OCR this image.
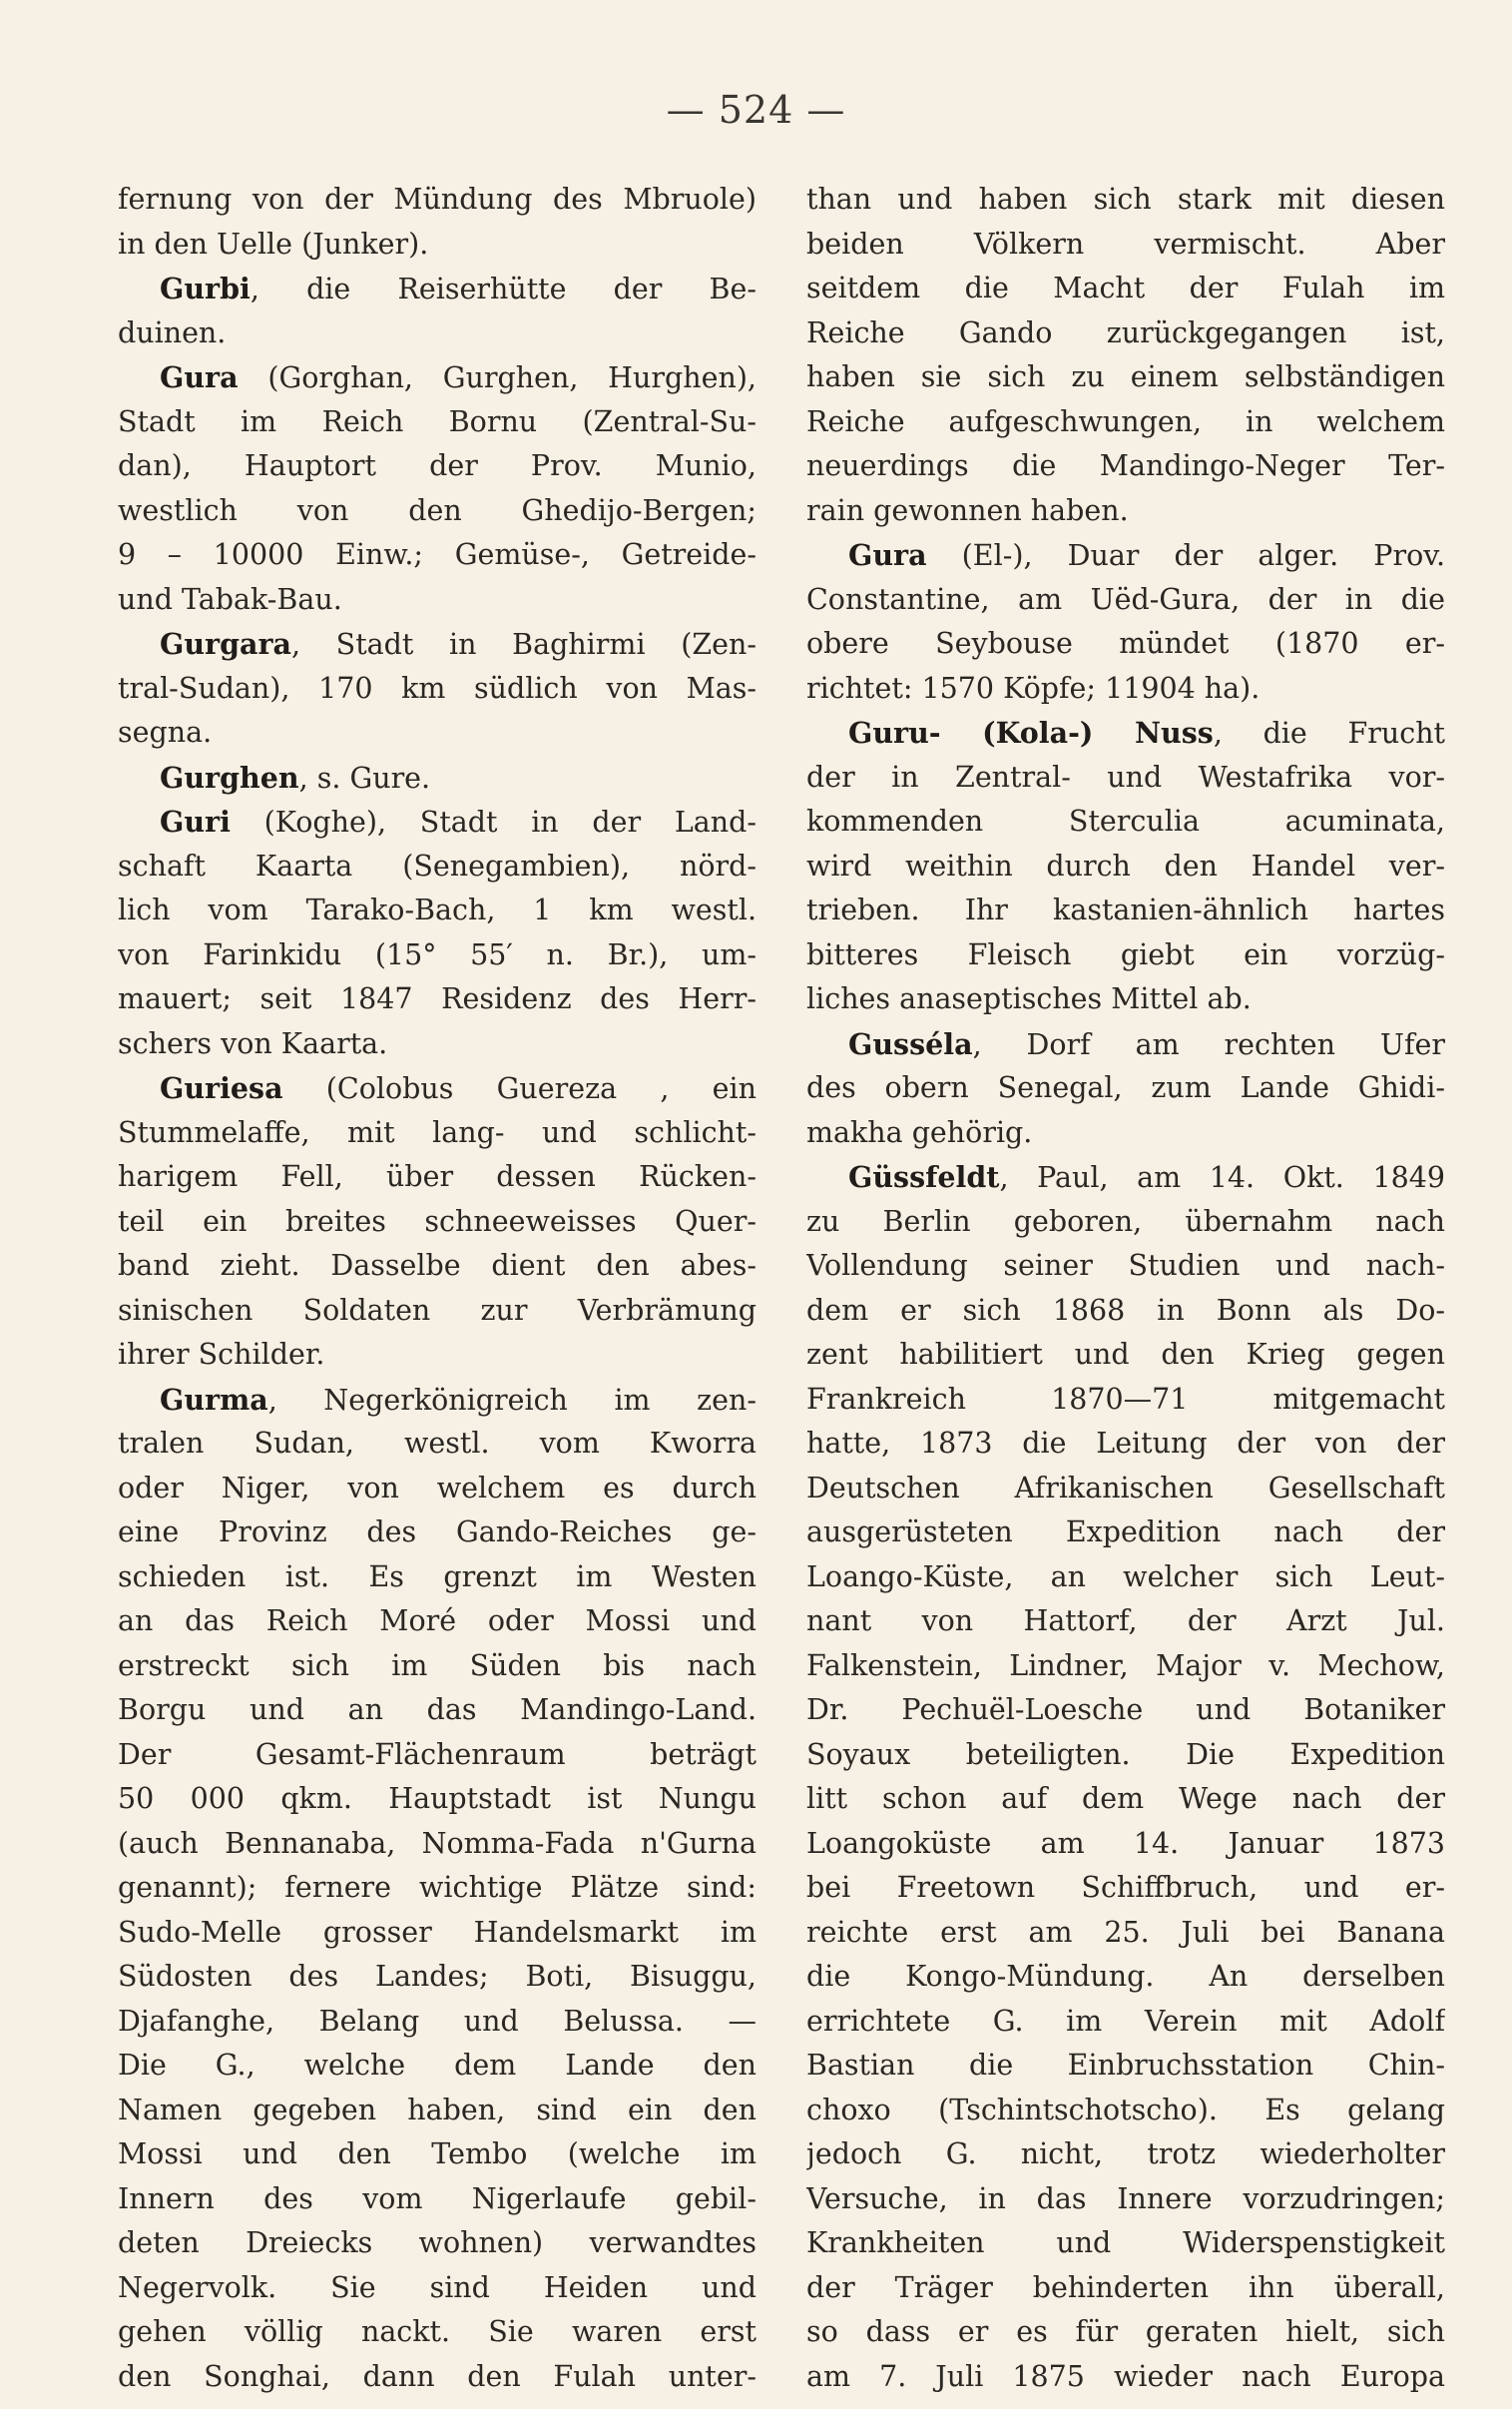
— 524 —
fernung von der Mündung des Mbruole)
in den Uelle (Junker).
Gurbi, die Reiserhütte der Be-
duinen.
Gura (Gorghan, Gurghen, Hurghen),
Stadt im Reich Bornu (Zentral-Su-
dan), Hauptort der Prov. Munio,
westlich von den Ghedijo-Bergen;
9 – 10000 Einw.; Gemüse-, Getreide-
und Tabak-Bau.
Gurgara, Stadt in Baghirmi (Zen-
tral-Sudan), 170 km südlich von Mas-
segna.
Gurghen, s. Gure.
Guri (Koghe), Stadt in der Land-
schaft Kaarta (Senegambien), nörd-
lich vom Tarako-Bach, 1 km westl.
von Farinkidu (15° 55′ n. Br.), um-
mauert; seit 1847 Residenz des Herr-
schers von Kaarta.
Guriesa (Colobus Guereza , ein
Stummelaffe, mit lang- und schlicht-
harigem Fell, über dessen Rücken-
teil ein breites schneeweisses Quer-
band zieht. Dasselbe dient den abes-
sinischen Soldaten zur Verbrämung
ihrer Schilder.
Gurma, Negerkönigreich im zen-
tralen Sudan, westl. vom Kworra
oder Niger, von welchem es durch
eine Provinz des Gando-Reiches ge-
schieden ist. Es grenzt im Westen
an das Reich Moré oder Mossi und
erstreckt sich im Süden bis nach
Borgu und an das Mandingo-Land.
Der Gesamt-Flächenraum beträgt
50 000 qkm. Hauptstadt ist Nungu
(auch Bennanaba, Nomma-Fada n'Gurna
genannt); fernere wichtige Plätze sind:
Sudo-Melle grosser Handelsmarkt im
Südosten des Landes; Boti, Bisuggu,
Djafanghe, Belang und Belussa. —
Die G., welche dem Lande den
Namen gegeben haben, sind ein den
Mossi und den Tembo (welche im
Innern des vom Nigerlaufe gebil-
deten Dreiecks wohnen) verwandtes
Negervolk. Sie sind Heiden und
gehen völlig nackt. Sie waren erst
den Songhai, dann den Fulah unter-
than und haben sich stark mit diesen
beiden Völkern vermischt. Aber
seitdem die Macht der Fulah im
Reiche Gando zurückgegangen ist,
haben sie sich zu einem selbständigen
Reiche aufgeschwungen, in welchem
neuerdings die Mandingo-Neger Ter-
rain gewonnen haben.
Gura (El-), Duar der alger. Prov.
Constantine, am Uëd-Gura, der in die
obere Seybouse mündet (1870 er-
richtet: 1570 Köpfe; 11904 ha).
Guru- (Kola-) Nuss, die Frucht
der in Zentral- und Westafrika vor-
kommenden Sterculia acuminata,
wird weithin durch den Handel ver-
trieben. Ihr kastanien-ähnlich hartes
bitteres Fleisch giebt ein vorzüg-
liches anaseptisches Mittel ab.
Gusséla, Dorf am rechten Ufer
des obern Senegal, zum Lande Ghidi-
makha gehörig.
Güssfeldt, Paul, am 14. Okt. 1849
zu Berlin geboren, übernahm nach
Vollendung seiner Studien und nach-
dem er sich 1868 in Bonn als Do-
zent habilitiert und den Krieg gegen
Frankreich 1870—71 mitgemacht
hatte, 1873 die Leitung der von der
Deutschen Afrikanischen Gesellschaft
ausgerüsteten Expedition nach der
Loango-Küste, an welcher sich Leut-
nant von Hattorf, der Arzt Jul.
Falkenstein, Lindner, Major v. Mechow,
Dr. Pechuël-Loesche und Botaniker
Soyaux beteiligten. Die Expedition
litt schon auf dem Wege nach der
Loangoküste am 14. Januar 1873
bei Freetown Schiffbruch, und er-
reichte erst am 25. Juli bei Banana
die Kongo-Mündung. An derselben
errichtete G. im Verein mit Adolf
Bastian die Einbruchsstation Chin-
choxo (Tschintschotscho). Es gelang
jedoch G. nicht, trotz wiederholter
Versuche, in das Innere vorzudringen;
Krankheiten und Widerspenstigkeit
der Träger behinderten ihn überall,
so dass er es für geraten hielt, sich
am 7. Juli 1875 wieder nach Europa
